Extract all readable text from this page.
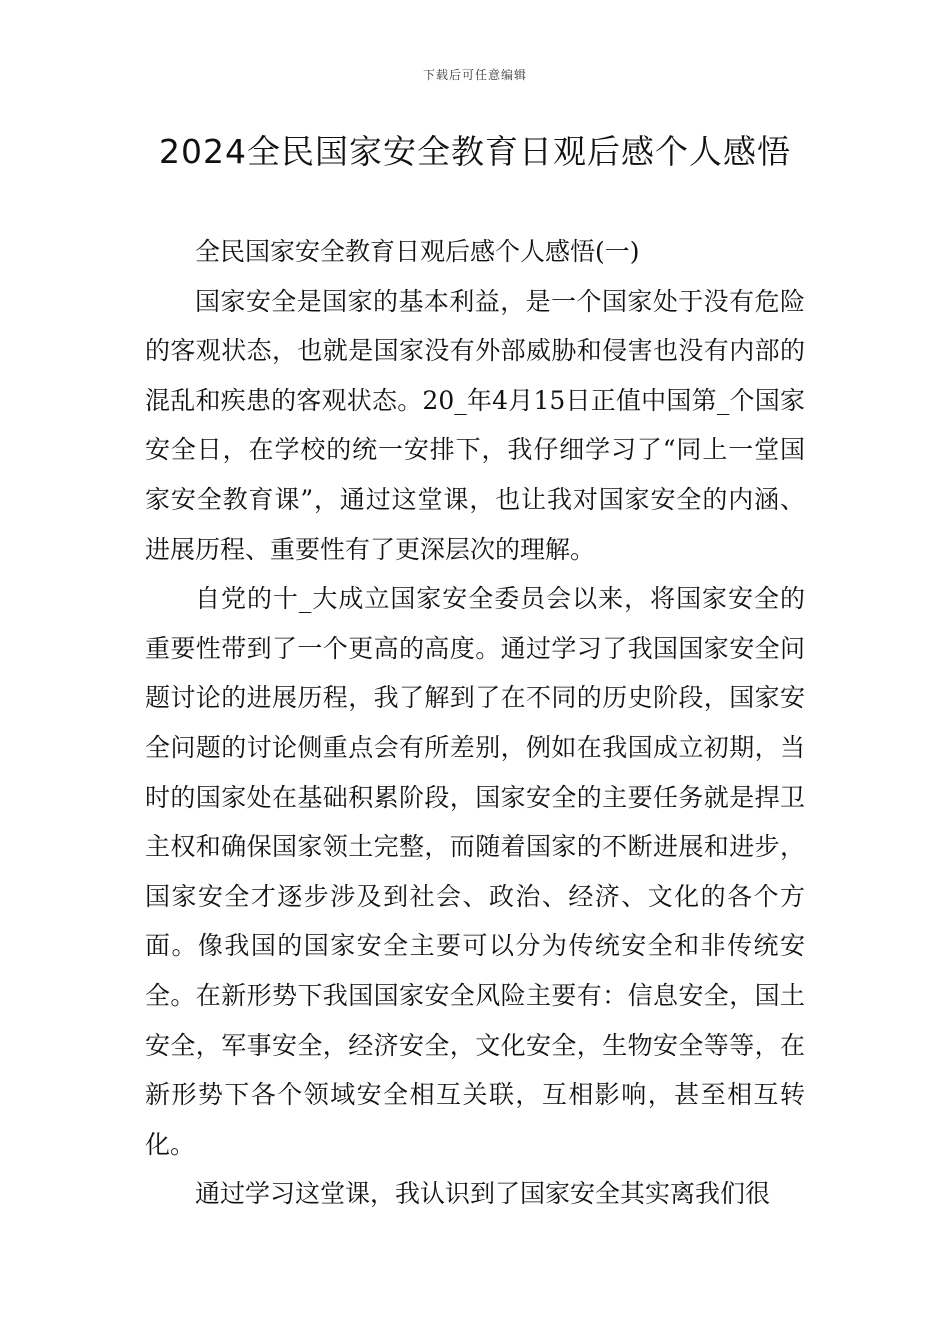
下载后可任意编辑
2024全民国家安全教育日观后感个人感悟

全民国家安全教育日观后感个人感悟(一)

国家安全是国家的基本利益，是一个国家处于没有危险的客观状态，也就是国家没有外部威胁和侵害也没有内部的混乱和疾患的客观状态。20_年4月15日正值中国第_个国家安全日，在学校的统一安排下，我仔细学习了“同上一堂国家安全教育课”，通过这堂课，也让我对国家安全的内涵、进展历程、重要性有了更深层次的理解。

自党的十_大成立国家安全委员会以来，将国家安全的重要性带到了一个更高的高度。通过学习了我国国家安全问题讨论的进展历程，我了解到了在不同的历史阶段，国家安全问题的讨论侧重点会有所差别，例如在我国成立初期，当时的国家处在基础积累阶段，国家安全的主要任务就是捍卫主权和确保国家领土完整，而随着国家的不断进展和进步，国家安全才逐步涉及到社会、政治、经济、文化的各个方面。像我国的国家安全主要可以分为传统安全和非传统安全。在新形势下我国国家安全风险主要有：信息安全，国土安全，军事安全，经济安全，文化安全，生物安全等等，在新形势下各个领域安全相互关联，互相影响，甚至相互转化。

通过学习这堂课，我认识到了国家安全其实离我们很
